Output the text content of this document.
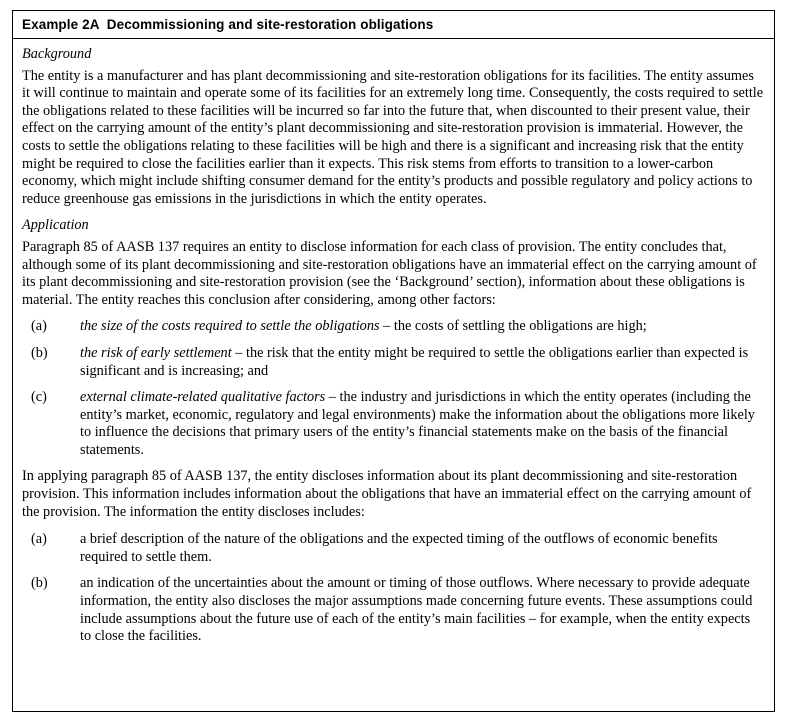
Example 2A  Decommissioning and site-restoration obligations
Background

The entity is a manufacturer and has plant decommissioning and site-restoration obligations for its facilities. The entity assumes it will continue to maintain and operate some of its facilities for an extremely long time. Consequently, the costs required to settle the obligations related to these facilities will be incurred so far into the future that, when discounted to their present value, their effect on the carrying amount of the entity’s plant decommissioning and site-restoration provision is immaterial. However, the costs to settle the obligations relating to these facilities will be high and there is a significant and increasing risk that the entity might be required to close the facilities earlier than it expects. This risk stems from efforts to transition to a lower-carbon economy, which might include shifting consumer demand for the entity’s products and possible regulatory and policy actions to reduce greenhouse gas emissions in the jurisdictions in which the entity operates.

Application

Paragraph 85 of AASB 137 requires an entity to disclose information for each class of provision. The entity concludes that, although some of its plant decommissioning and site-restoration obligations have an immaterial effect on the carrying amount of its plant decommissioning and site-restoration provision (see the ‘Background’ section), information about these obligations is material. The entity reaches this conclusion after considering, among other factors:

(a)	the size of the costs required to settle the obligations – the costs of settling the obligations are high;
(b)	the risk of early settlement – the risk that the entity might be required to settle the obligations earlier than expected is significant and is increasing; and
(c)	external climate-related qualitative factors – the industry and jurisdictions in which the entity operates (including the entity’s market, economic, regulatory and legal environments) make the information about the obligations more likely to influence the decisions that primary users of the entity’s financial statements make on the basis of the financial statements.

In applying paragraph 85 of AASB 137, the entity discloses information about its plant decommissioning and site-restoration provision. This information includes information about the obligations that have an immaterial effect on the carrying amount of the provision. The information the entity discloses includes:

(a)	a brief description of the nature of the obligations and the expected timing of the outflows of economic benefits required to settle them.
(b)	an indication of the uncertainties about the amount or timing of those outflows. Where necessary to provide adequate information, the entity also discloses the major assumptions made concerning future events. These assumptions could include assumptions about the future use of each of the entity’s main facilities – for example, when the entity expects to close the facilities.
